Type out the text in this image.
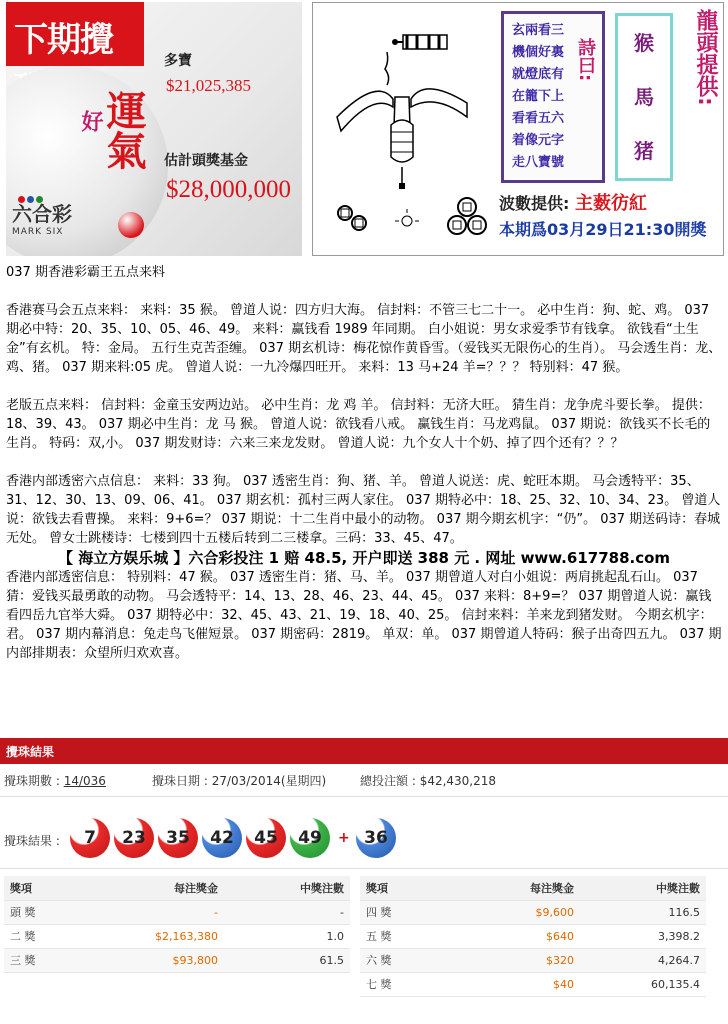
下期攪
好
運氣
六合彩
MARK SIX
多寶
$21,025,385
估計頭獎基金
$28,000,000
玄兩看三
機個好裏
就燈底有
在籠下上
看看五六
着像元字
走八寶號
詩曰:	猴
馬
猪
龍頭提供:
波數提供: 主薮彷紅
本期爲03月29日21:30開獎

037 期香港彩霸王五点来料

香港赛马会五点来料： 来料：35 猴。 曾道人说：四方归大海。 信封料：不管三七二十一。 必中生肖：狗、蛇、鸡。 037 期必中特：20、35、10、05、46、49。 来料：赢钱看 1989 年同期。 白小姐说：男女求爱季节有钱拿。 欲钱看“土生金”有玄机。 特：金局。 五行生克苦歪缠。 037 期玄机诗：梅花惊作黄昏雪。（爱钱买无限伤心的生肖）。 马会透生肖：龙、鸡、猪。 037 期来料:05 虎。 曾道人说：一九冷爆四旺开。 来料：13 马+24 羊=？？？ 特别料：47 猴。

老版五点来料： 信封料：金童玉安两边站。 必中生肖：龙 鸡 羊。 信封料：无济大旺。 猜生肖：龙争虎斗要长拳。 提供：18、39、43。 037 期必中生肖：龙 马 猴。 曾道人说：欲钱看八戒。 赢钱生肖：马龙鸡鼠。 037 期说：欲钱买不长毛的生肖。 特码：双,小。 037 期发财诗：六来三来龙发财。 曾道人说：九个女人十个奶、掉了四个还有？？？

香港内部透密六点信息： 来料：33 狗。 037 透密生肖：狗、猪、羊。 曾道人说送：虎、蛇旺本期。 马会透特平：35、31、12、30、13、09、06、41。 037 期玄机：孤村三两人家住。 037 期特必中：18、25、32、10、34、23。 曾道人说：欲钱去看曹操。 来料：9+6=？ 037 期说：十二生肖中最小的动物。 037 期今期玄机字：“仍”。 037 期送码诗：春城无处。 曾女士跳楼诗：七楼到四十五楼后转到二三楼拿。三码：33、45、47。

【 海立方娱乐城 】六合彩投注 1 赔 48.5, 开户即送 388 元 . 网址 www.617788.com

香港内部透密信息： 特别料：47 猴。 037 透密生肖：猪、马、羊。 037 期曾道人对白小姐说：两肩挑起乱石山。 037 猜：爱钱买最勇敢的动物。 马会透特平：14、13、28、46、23、44、45。 037 来料：8+9=？ 037 期曾道人说：赢钱看四岳九官举大舜。 037 期特必中：32、45、43、21、19、18、40、25。 信封来料：羊来龙到猪发财。 今期玄机字：君。 037 期内幕消息：兔走鸟飞催短景。 037 期密码：2819。 单双：单。 037 期曾道人特码：猴子出奇四五九。 037 期内部排期表：众望所归欢欢喜。

攪珠結果
攪珠期數 : 14/036	攪珠日期 : 27/03/2014(星期四)	總投注額 : $42,430,218
攪珠結果 :	7	23	35	42	45	49	+ 36
獎項	每注獎金	中獎注數
頭 獎	-	-
二 獎	$2,163,380	1.0
三 獎	$93,800	61.5
獎項	每注獎金	中獎注數
四 獎	$9,600	116.5
五 獎	$640	3,398.2
六 獎	$320	4,264.7
七 獎	$40	60,135.4
